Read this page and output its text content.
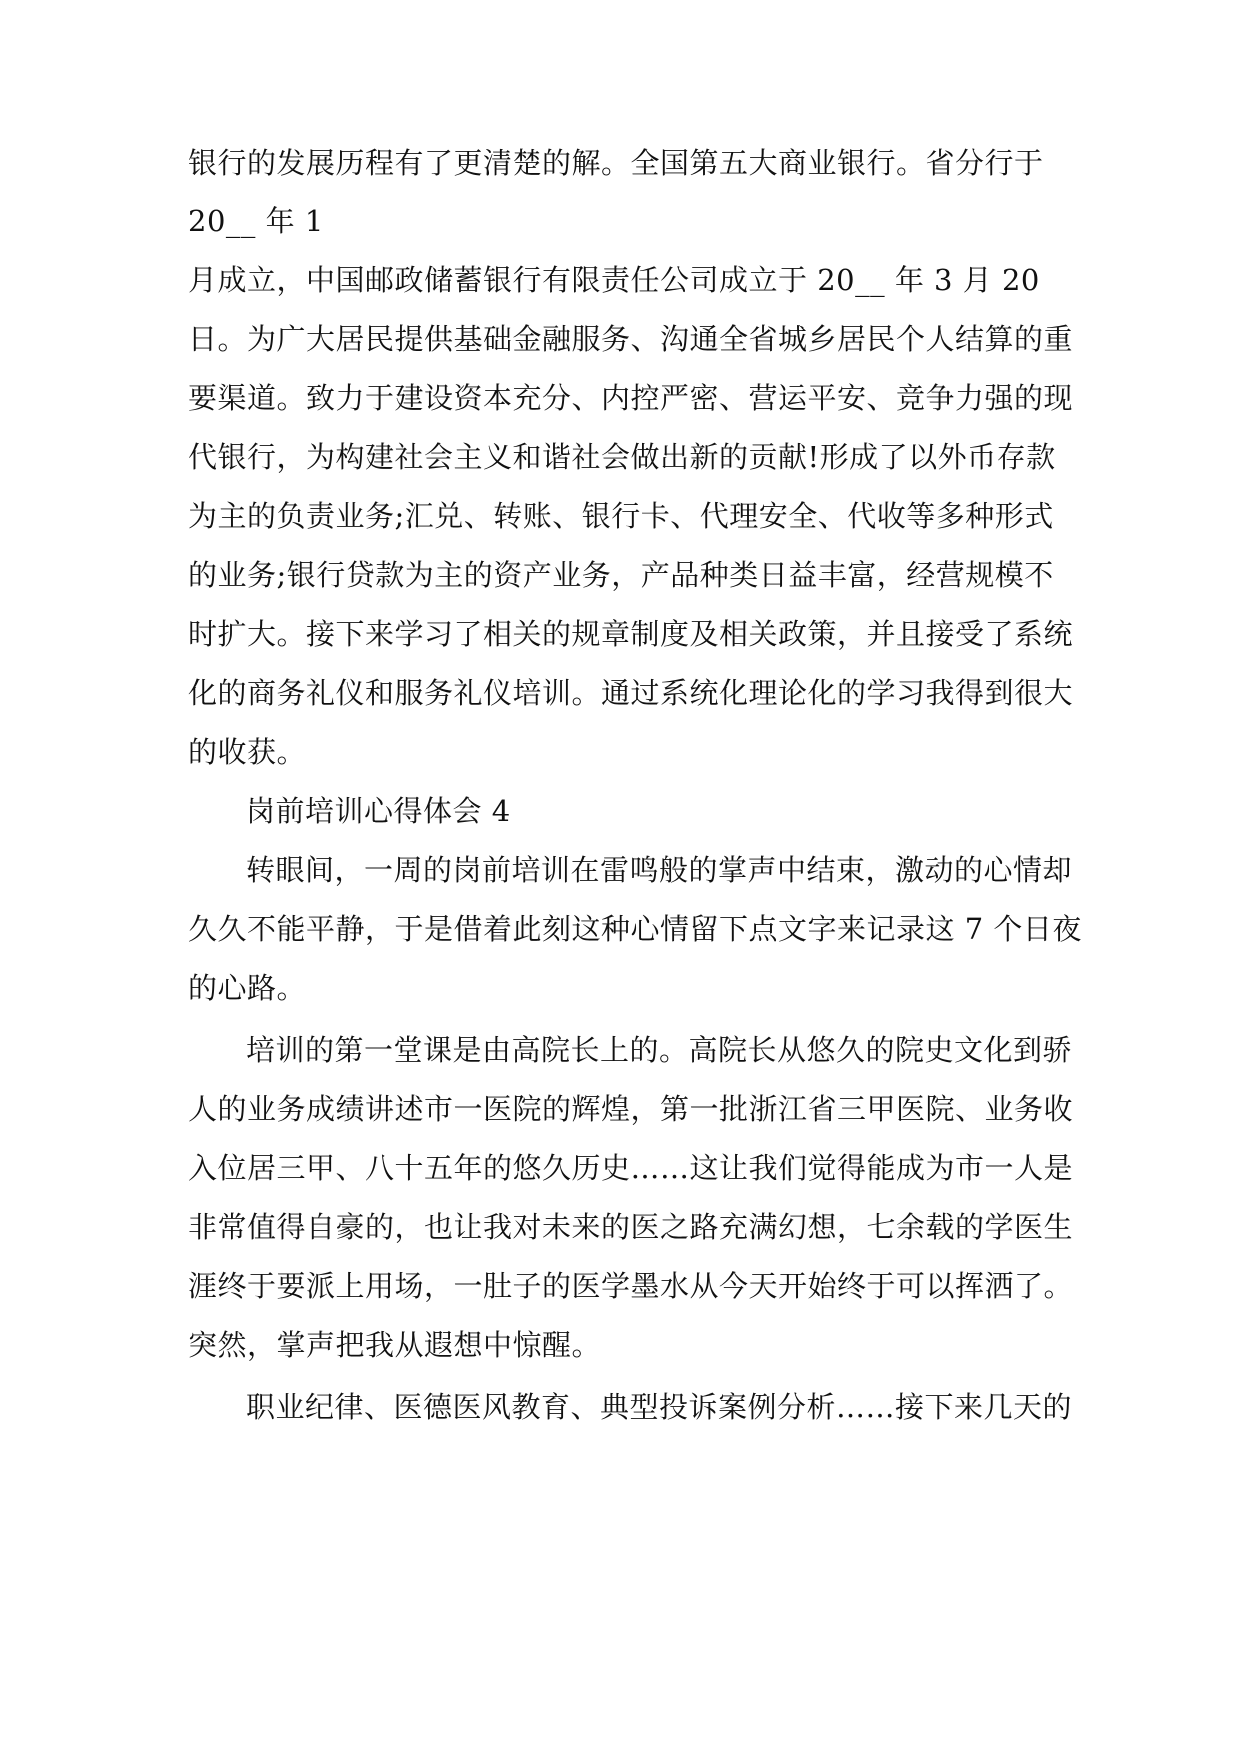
银行的发展历程有了更清楚的解。全国第五大商业银行。省分行于
20__ 年 1
月成立，中国邮政储蓄银行有限责任公司成立于 20__ 年 3 月 20
日。为广大居民提供基础金融服务、沟通全省城乡居民个人结算的重
要渠道。致力于建设资本充分、内控严密、营运平安、竞争力强的现
代银行，为构建社会主义和谐社会做出新的贡献!形成了以外币存款
为主的负责业务;汇兑、转账、银行卡、代理安全、代收等多种形式
的业务;银行贷款为主的资产业务，产品种类日益丰富，经营规模不
时扩大。接下来学习了相关的规章制度及相关政策，并且接受了系统
化的商务礼仪和服务礼仪培训。通过系统化理论化的学习我得到很大
的收获。
岗前培训心得体会 4
转眼间，一周的岗前培训在雷鸣般的掌声中结束，激动的心情却
久久不能平静，于是借着此刻这种心情留下点文字来记录这 7 个日夜
的心路。
培训的第一堂课是由高院长上的。高院长从悠久的院史文化到骄
人的业务成绩讲述市一医院的辉煌，第一批浙江省三甲医院、业务收
入位居三甲、八十五年的悠久历史……这让我们觉得能成为市一人是
非常值得自豪的，也让我对未来的医之路充满幻想，七余载的学医生
涯终于要派上用场，一肚子的医学墨水从今天开始终于可以挥洒了。
突然，掌声把我从遐想中惊醒。
职业纪律、医德医风教育、典型投诉案例分析……接下来几天的
